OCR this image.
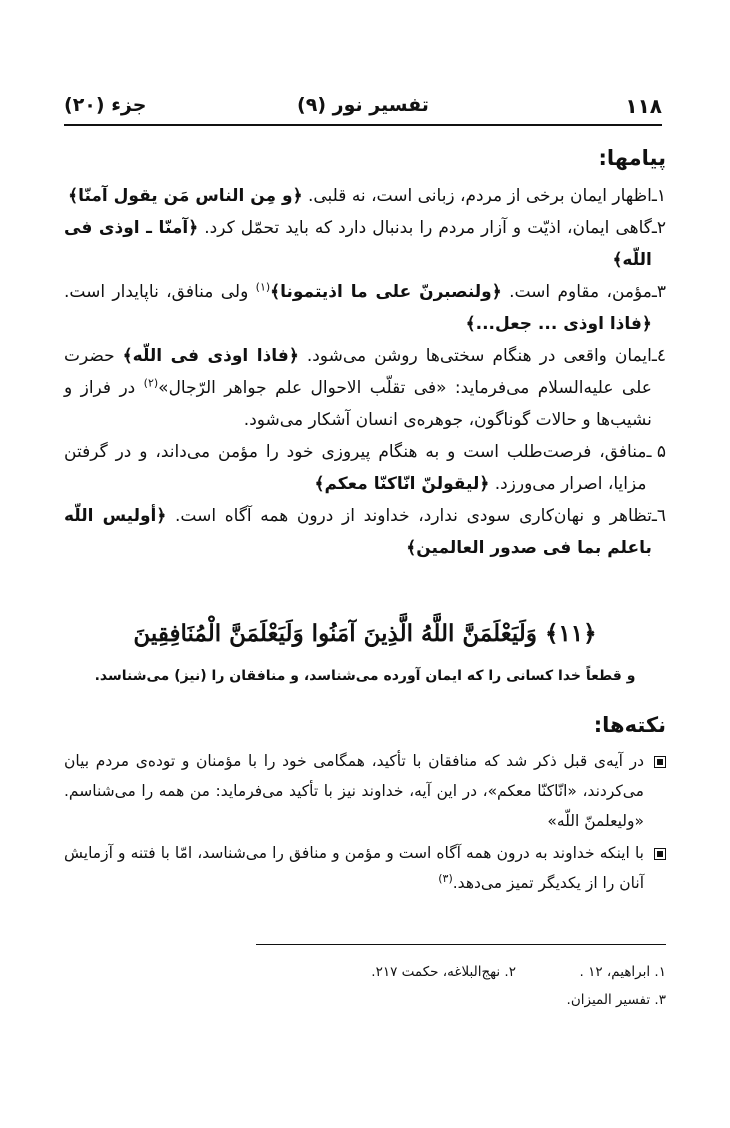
۱۱۸
تفسیر نور (۹)
جزء (۲۰)
پیامها:
۱ـ
اظهار ایمان برخی از مردم، زبانی است، نه قلبی. ﴿و مِن الناس مَن یقول آمنّا﴾
۲ـ
گاهی ایمان، اذیّت و آزار مردم را بدنبال دارد که باید تحمّل کرد. ﴿آمنّا ـ اوذی فی اللّه﴾
۳ـ
مؤمن، مقاوم است. ﴿ولنصبرنّ علی ما اذیتمونا﴾$^{(۱)}$ ولی منافق، ناپایدار است. ﴿فاذا اوذی ... جعل...﴾
٤ـ
ایمان واقعی در هنگام سختی‌ها روشن می‌شود. ﴿فاذا اوذی فی اللّه﴾ حضرت علی علیه‌السلام می‌فرماید: «فی تقلّب الاحوال علم جواهر الرّجال»$^{(۲)}$ در فراز و نشیب‌ها و حالات گوناگون، جوهره‌ی انسان آشکار می‌شود.
۵ ـ
منافق، فرصت‌طلب است و به هنگام پیروزی خود را مؤمن می‌داند، و در گرفتن مزایا، اصرار می‌ورزد. ﴿لیقولنّ انّاکنّا معکم﴾
٦ـ
تظاهر و نهان‌کاری سودی ندارد، خداوند از درون همه آگاه است. ﴿أولیس اللّه باعلم بما فی صدور العالمین﴾
﴿۱۱﴾ وَلَيَعْلَمَنَّ اللَّهُ الَّذِينَ آمَنُوا وَلَيَعْلَمَنَّ الْمُنَافِقِينَ
و قطعاً خدا کسانی را که ایمان آورده می‌شناسد، و منافقان را (نیز) می‌شناسد.
نکته‌ها:
در آیه‌ی قبل ذکر شد که منافقان با تأکید، همگامی خود را با مؤمنان و توده‌ی مردم بیان می‌کردند، «انّاکنّا معکم»، در این آیه، خداوند نیز با تأکید می‌فرماید: من همه را می‌شناسم. «ولیعلمنّ اللّه»
با اینکه خداوند به درون همه آگاه است و مؤمن و منافق را می‌شناسد، امّا با فتنه و آزمایش آنان را از یکدیگر تمیز می‌دهد.$^{(۳)}$
۱. ابراهیم، ۱۲ .
۲. نهج‌البلاغه، حکمت ۲۱۷.
۳. تفسیر المیزان.
